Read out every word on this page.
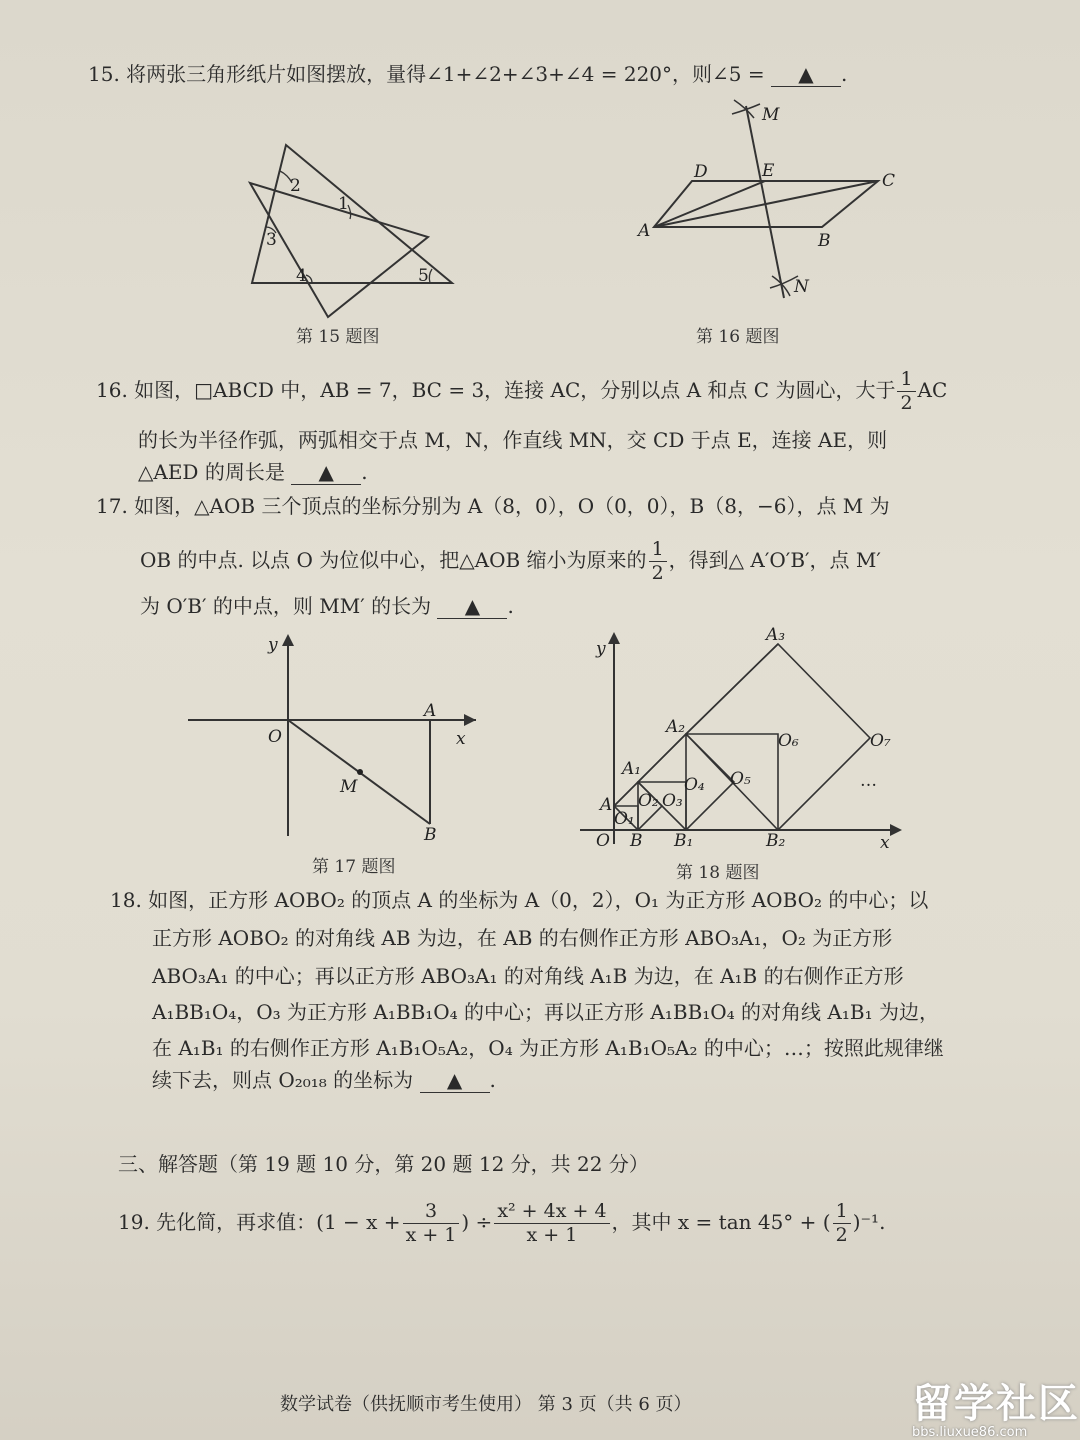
15. 将两张三角形纸片如图摆放，量得∠1+∠2+∠3+∠4 = 220°，则∠5 = ▲ .
1
2
3
4	5
第 15 题图
M
D	E	C
A	B
N
第 16 题图
16. 如图，□ABCD 中，AB = 7，BC = 3，连接 AC，分别以点 A 和点 C 为圆心，大于 $\frac{1}{2}$ AC
的长为半径作弧，两弧相交于点 M，N，作直线 MN，交 CD 于点 E，连接 AE，则
△AED 的周长是 ▲ .
17. 如图，△AOB 三个顶点的坐标分别为 A（8，0），O（0，0），B（8，−6），点 M 为
OB 的中点. 以点 O 为位似中心，把△AOB 缩小为原来的 $\frac{1}{2}$ ，得到△ A′O′B′，点 M′
为 O′B′ 的中点，则 MM′ 的长为 ▲ .
y
O
A
x
M
B
第 17 题图
A₃
y
A₂
O₆	O₇
A₁
O₄ O₅	…
A O₂ O₃
O₁
O B B₁	B₂	x
第 18 题图
18. 如图，正方形 AOBO₂ 的顶点 A 的坐标为 A（0，2），O₁ 为正方形 AOBO₂ 的中心；以
正方形 AOBO₂ 的对角线 AB 为边，在 AB 的右侧作正方形 ABO₃A₁，O₂ 为正方形
ABO₃A₁ 的中心；再以正方形 ABO₃A₁ 的对角线 A₁B 为边，在 A₁B 的右侧作正方形
A₁BB₁O₄，O₃ 为正方形 A₁BB₁O₄ 的中心；再以正方形 A₁BB₁O₄ 的对角线 A₁B₁ 为边，
在 A₁B₁ 的右侧作正方形 A₁B₁O₅A₂，O₄ 为正方形 A₁B₁O₅A₂ 的中心；…；按照此规律继
续下去，则点 O₂₀₁₈ 的坐标为 ▲ .
三、解答题（第 19 题 10 分，第 20 题 12 分，共 22 分）
19. 先化简，再求值：($1 - x + \frac{3}{x + 1}$ ) ÷ $\frac{\text{x² + 4x + 4}}{x + 1}$ ，其中 x = tan 45° + ( $\frac{1}{2} )^{-1}$.
数学试卷（供抚顺市考生使用） 第 3 页（共 6 页）	留学社区
bbs.liuxue86.com
